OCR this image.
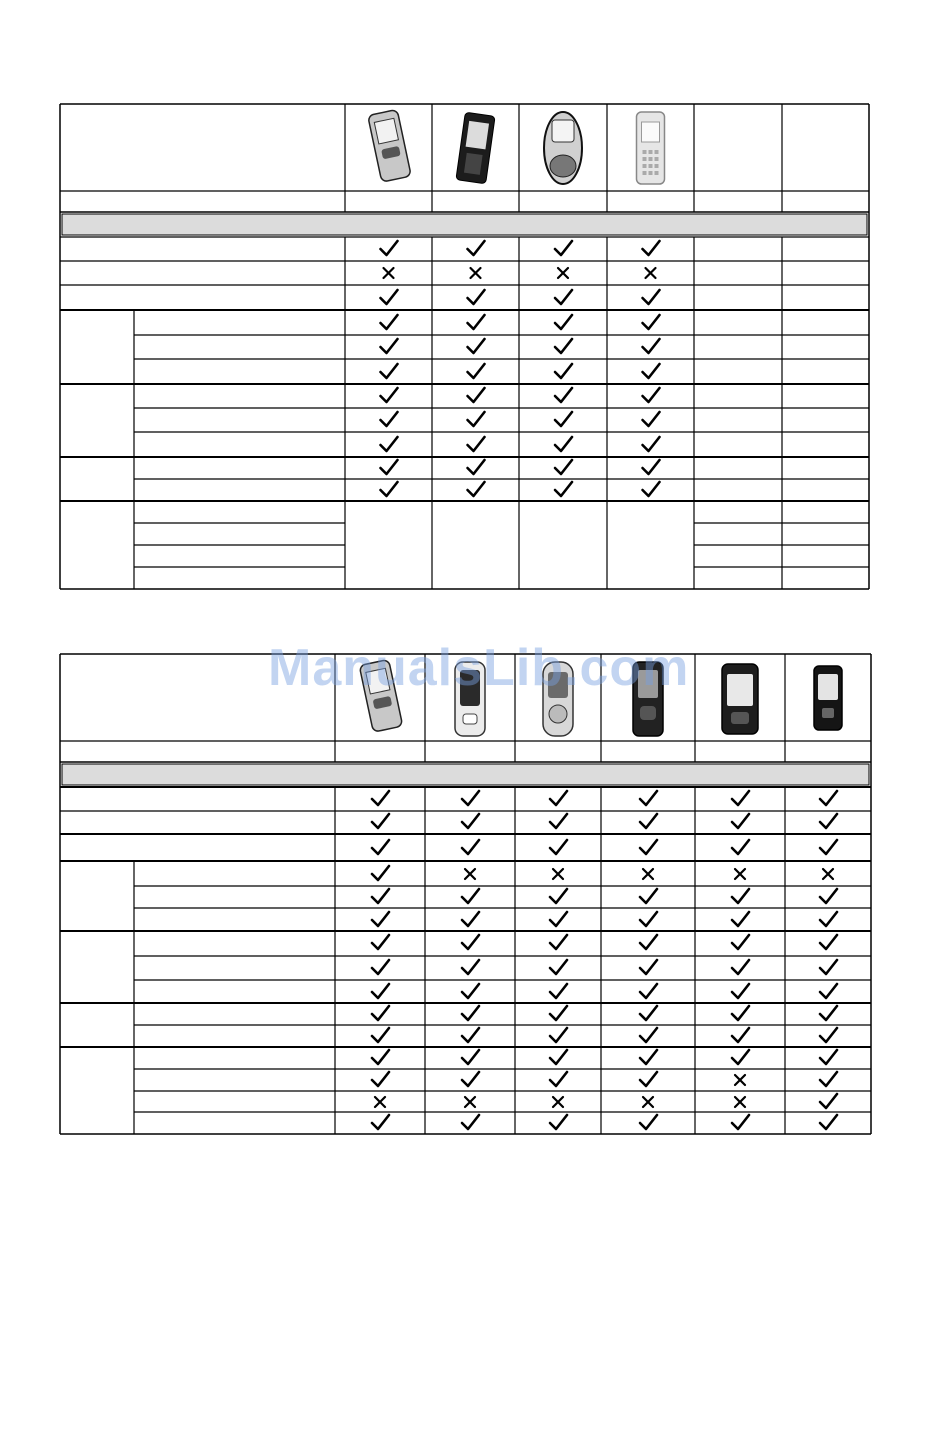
ManualsLib.com
